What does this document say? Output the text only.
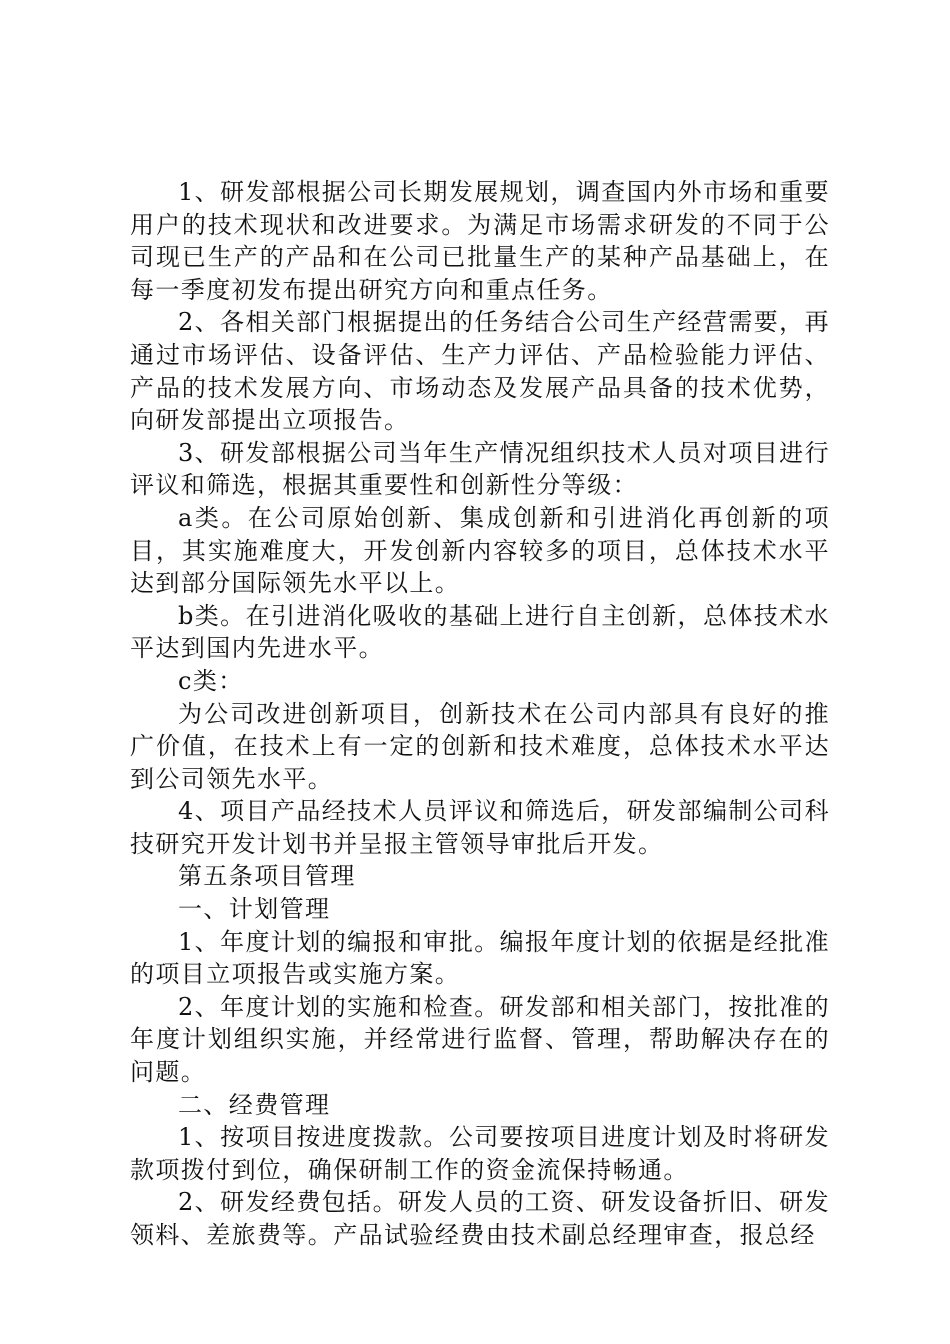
1、研发部根据公司长期发展规划，调查国内外市场和重要用户的技术现状和改进要求。为满足市场需求研发的不同于公司现已生产的产品和在公司已批量生产的某种产品基础上，在每一季度初发布提出研究方向和重点任务。

2、各相关部门根据提出的任务结合公司生产经营需要，再通过市场评估、设备评估、生产力评估、产品检验能力评估、产品的技术发展方向、市场动态及发展产品具备的技术优势，向研发部提出立项报告。

3、研发部根据公司当年生产情况组织技术人员对项目进行评议和筛选，根据其重要性和创新性分等级：

a类。在公司原始创新、集成创新和引进消化再创新的项目，其实施难度大，开发创新内容较多的项目，总体技术水平达到部分国际领先水平以上。

b类。在引进消化吸收的基础上进行自主创新，总体技术水平达到国内先进水平。

c类：

为公司改进创新项目，创新技术在公司内部具有良好的推广价值，在技术上有一定的创新和技术难度，总体技术水平达到公司领先水平。

4、项目产品经技术人员评议和筛选后，研发部编制公司科技研究开发计划书并呈报主管领导审批后开发。

第五条项目管理

一、计划管理

1、年度计划的编报和审批。编报年度计划的依据是经批准的项目立项报告或实施方案。

2、年度计划的实施和检查。研发部和相关部门，按批准的年度计划组织实施，并经常进行监督、管理，帮助解决存在的问题。

二、经费管理

1、按项目按进度拨款。公司要按项目进度计划及时将研发款项拨付到位，确保研制工作的资金流保持畅通。

2、研发经费包括。研发人员的工资、研发设备折旧、研发领料、差旅费等。产品试验经费由技术副总经理审查，报总经
